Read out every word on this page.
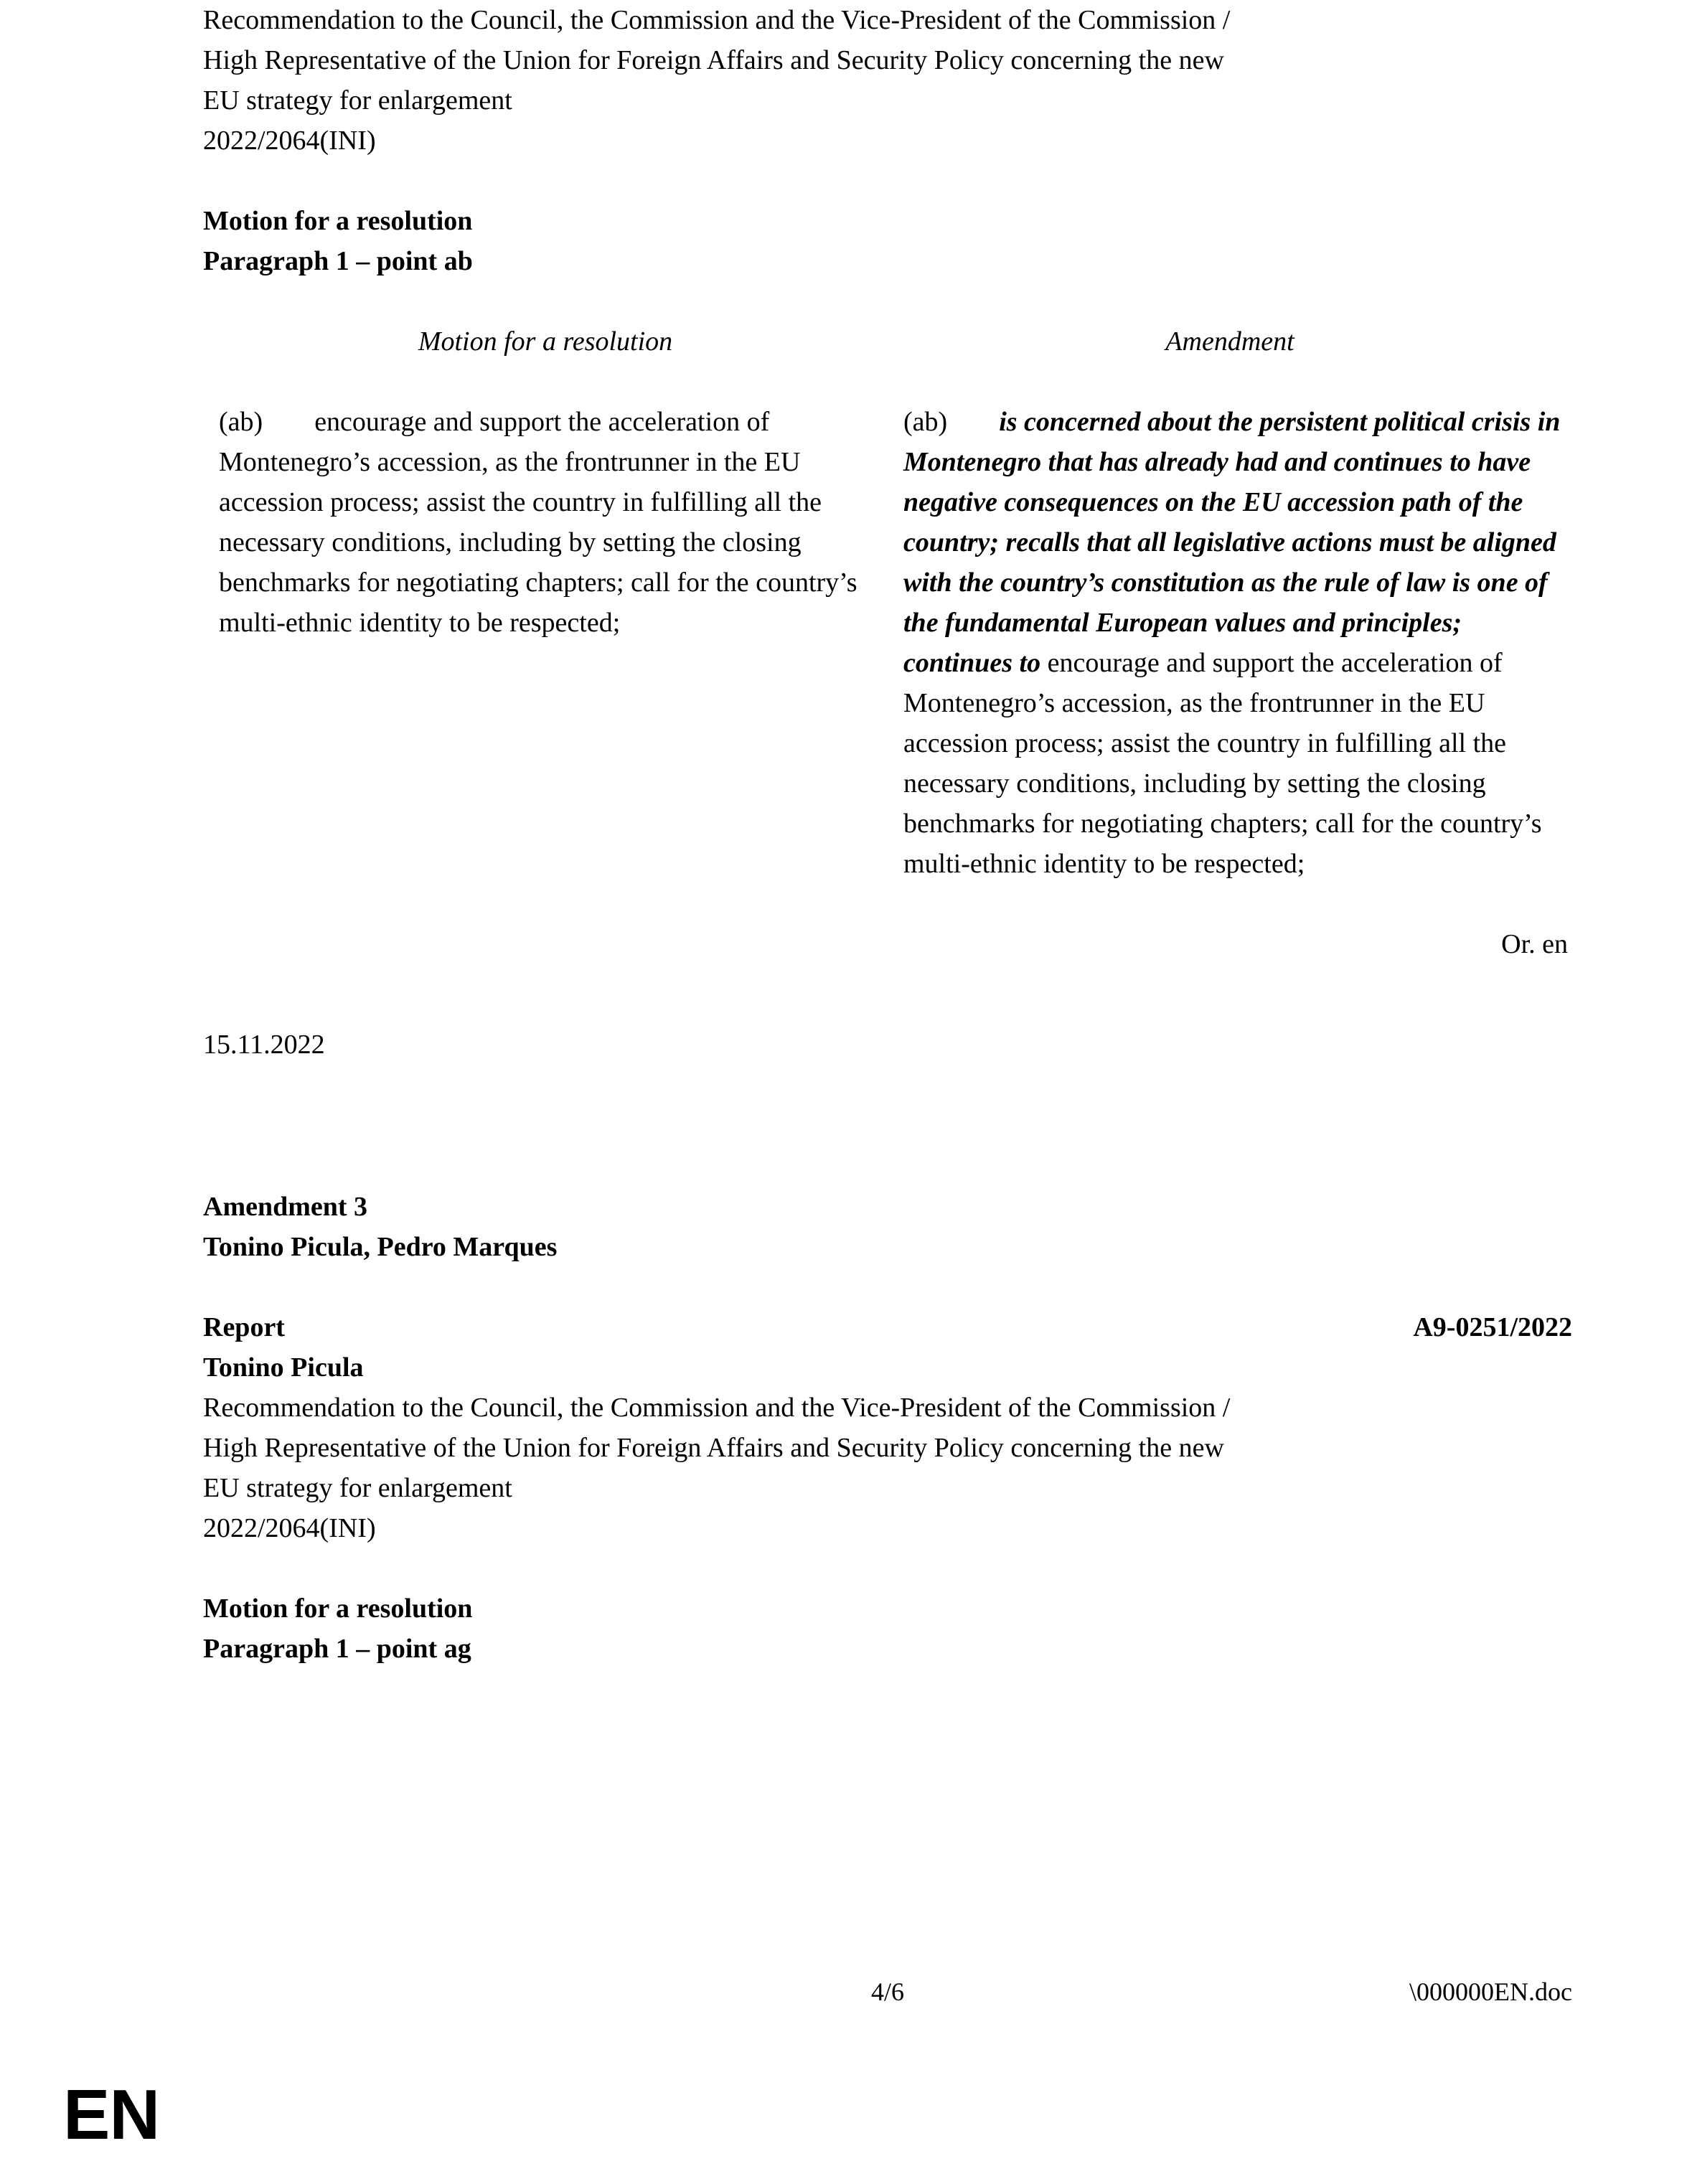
Recommendation to the Council, the Commission and the Vice-President of the Commission /
High Representative of the Union for Foreign Affairs and Security Policy concerning the new
EU strategy for enlargement
2022/2064(INI)
Motion for a resolution
Paragraph 1 – point ab
Motion for a resolution	Amendment

(ab) encourage and support the acceleration of Montenegro’s accession, as the frontrunner in the EU accession process; assist the country in fulfilling all the necessary conditions, including by setting the closing benchmarks for negotiating chapters; call for the country’s multi-ethnic identity to be respected;

(ab) is concerned about the persistent political crisis in Montenegro that has already had and continues to have negative consequences on the EU accession path of the country; recalls that all legislative actions must be aligned with the country’s constitution as the rule of law is one of the fundamental European values and principles; continues to encourage and support the acceleration of Montenegro’s accession, as the frontrunner in the EU accession process; assist the country in fulfilling all the necessary conditions, including by setting the closing benchmarks for negotiating chapters; call for the country’s multi-ethnic identity to be respected;
Or. en
15.11.2022
Amendment 3
Tonino Picula, Pedro Marques
Report	A9-0251/2022
Tonino Picula
Recommendation to the Council, the Commission and the Vice-President of the Commission /
High Representative of the Union for Foreign Affairs and Security Policy concerning the new
EU strategy for enlargement
2022/2064(INI)
Motion for a resolution
Paragraph 1 – point ag
4/6	\000000EN.doc
EN
